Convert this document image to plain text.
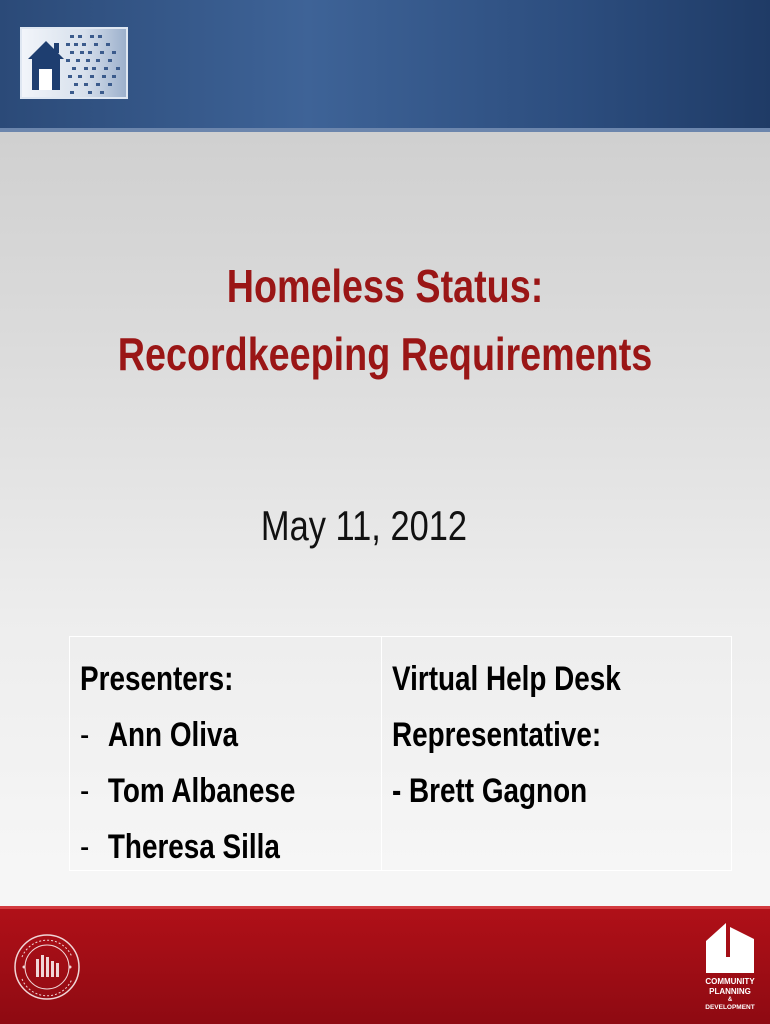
Homeless Status:
Recordkeeping Requirements
May 11, 2012
Presenters:
- Ann Oliva
- Tom Albanese
- Theresa Silla
Virtual Help Desk
Representative:
- Brett Gagnon
COMMUNITY
PLANNING
&
DEVELOPMENT
